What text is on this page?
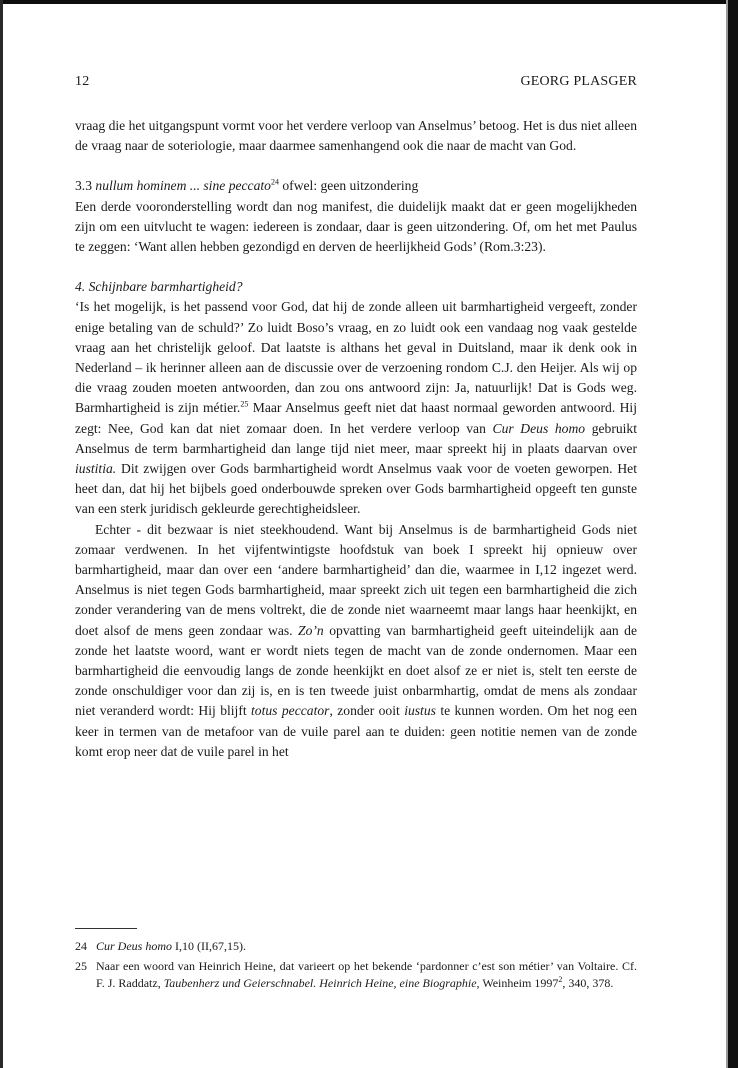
12	GEORG PLASGER

vraag die het uitgangspunt vormt voor het verdere verloop van Anselmus’ betoog. Het is dus niet alleen de vraag naar de soteriologie, maar daarmee samenhangend ook die naar de macht van God.

3.3 nullum hominem ... sine peccato$^{24}$ ofwel: geen uitzondering

Een derde vooronderstelling wordt dan nog manifest, die duidelijk maakt dat er geen mogelijkheden zijn om een uitvlucht te wagen: iedereen is zondaar, daar is geen uitzondering. Of, om het met Paulus te zeggen: ‘Want allen hebben gezondigd en derven de heerlijkheid Gods’ (Rom.3:23).

4. Schijnbare barmhartigheid?

‘Is het mogelijk, is het passend voor God, dat hij de zonde alleen uit barmhartigheid vergeeft, zonder enige betaling van de schuld?’ Zo luidt Boso’s vraag, en zo luidt ook een vandaag nog vaak gestelde vraag aan het christelijk geloof. Dat laatste is althans het geval in Duitsland, maar ik denk ook in Nederland – ik herinner alleen aan de discussie over de verzoening rondom C.J. den Heijer. Als wij op die vraag zouden moeten antwoorden, dan zou ons antwoord zijn: Ja, natuurlijk! Dat is Gods weg. Barmhartigheid is zijn métier.$^{25}$ Maar Anselmus geeft niet dat haast normaal geworden antwoord. Hij zegt: Nee, God kan dat niet zomaar doen. In het verdere verloop van Cur Deus homo gebruikt Anselmus de term barmhartigheid dan lange tijd niet meer, maar spreekt hij in plaats daarvan over iustitia. Dit zwijgen over Gods barmhartigheid wordt Anselmus vaak voor de voeten geworpen. Het heet dan, dat hij het bijbels goed onderbouwde spreken over Gods barmhartigheid opgeeft ten gunste van een sterk juridisch gekleurde gerechtigheidsleer.

Echter - dit bezwaar is niet steekhoudend. Want bij Anselmus is de barmhartigheid Gods niet zomaar verdwenen. In het vijfentwintigste hoofdstuk van boek I spreekt hij opnieuw over barmhartigheid, maar dan over een ‘andere barmhartigheid’ dan die, waarmee in I,12 ingezet werd. Anselmus is niet tegen Gods barmhartigheid, maar spreekt zich uit tegen een barmhartigheid die zich zonder verandering van de mens voltrekt, die de zonde niet waarneemt maar langs haar heenkijkt, en doet alsof de mens geen zondaar was. Zo’n opvatting van barmhartigheid geeft uiteindelijk aan de zonde het laatste woord, want er wordt niets tegen de macht van de zonde ondernomen. Maar een barmhartigheid die eenvoudig langs de zonde heenkijkt en doet alsof ze er niet is, stelt ten eerste de zonde onschuldiger voor dan zij is, en is ten tweede juist onbarmhartig, omdat de mens als zondaar niet veranderd wordt: Hij blijft totus peccator, zonder ooit iustus te kunnen worden. Om het nog een keer in termen van de metafoor van de vuile parel aan te duiden: geen notitie nemen van de zonde komt erop neer dat de vuile parel in het

24 Cur Deus homo I,10 (II,67,15).
25 Naar een woord van Heinrich Heine, dat varieert op het bekende ‘pardonner c’est son métier’ van Voltaire. Cf. F. J. Raddatz, Taubenherz und Geierschnabel. Heinrich Heine, eine Biographie, Weinheim 1997$^2$, 340, 378.
